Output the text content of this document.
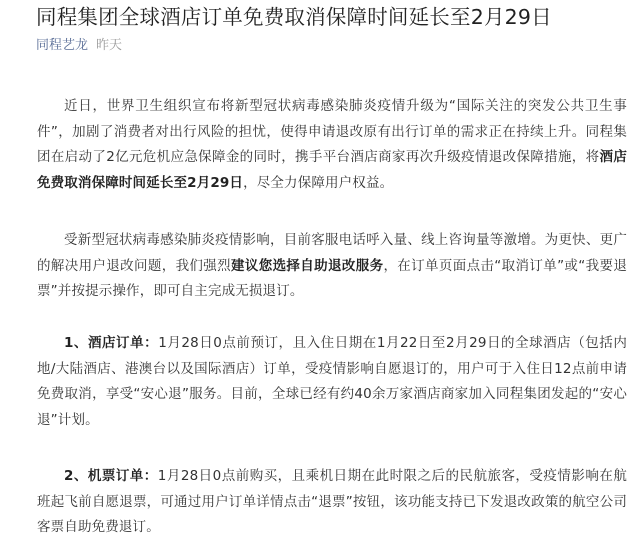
同程集团全球酒店订单免费取消保障时间延长至2月29日
同程艺龙 昨天

近日，世界卫生组织宣布将新型冠状病毒感染肺炎疫情升级为“国际关注的突发公共卫生事件”，加剧了消费者对出行风险的担忧，使得申请退改原有出行订单的需求正在持续上升。同程集团在启动了2亿元危机应急保障金的同时，携手平台酒店商家再次升级疫情退改保障措施，将酒店免费取消保障时间延长至2月29日，尽全力保障用户权益。

受新型冠状病毒感染肺炎疫情影响，目前客服电话呼入量、线上咨询量等激增。为更快、更广的解决用户退改问题，我们强烈建议您选择自助退改服务，在订单页面点击“取消订单”或“我要退票”并按提示操作，即可自主完成无损退订。

1、酒店订单：1月28日0点前预订，且入住日期在1月22日至2月29日的全球酒店（包括内地/大陆酒店、港澳台以及国际酒店）订单，受疫情影响自愿退订的，用户可于入住日12点前申请免费取消，享受“安心退”服务。目前，全球已经有约40余万家酒店商家加入同程集团发起的“安心退”计划。

2、机票订单：1月28日0点前购买，且乘机日期在此时限之后的民航旅客，受疫情影响在航班起飞前自愿退票，可通过用户订单详情点击“退票”按钮，该功能支持已下发退改政策的航空公司客票自助免费退订。
